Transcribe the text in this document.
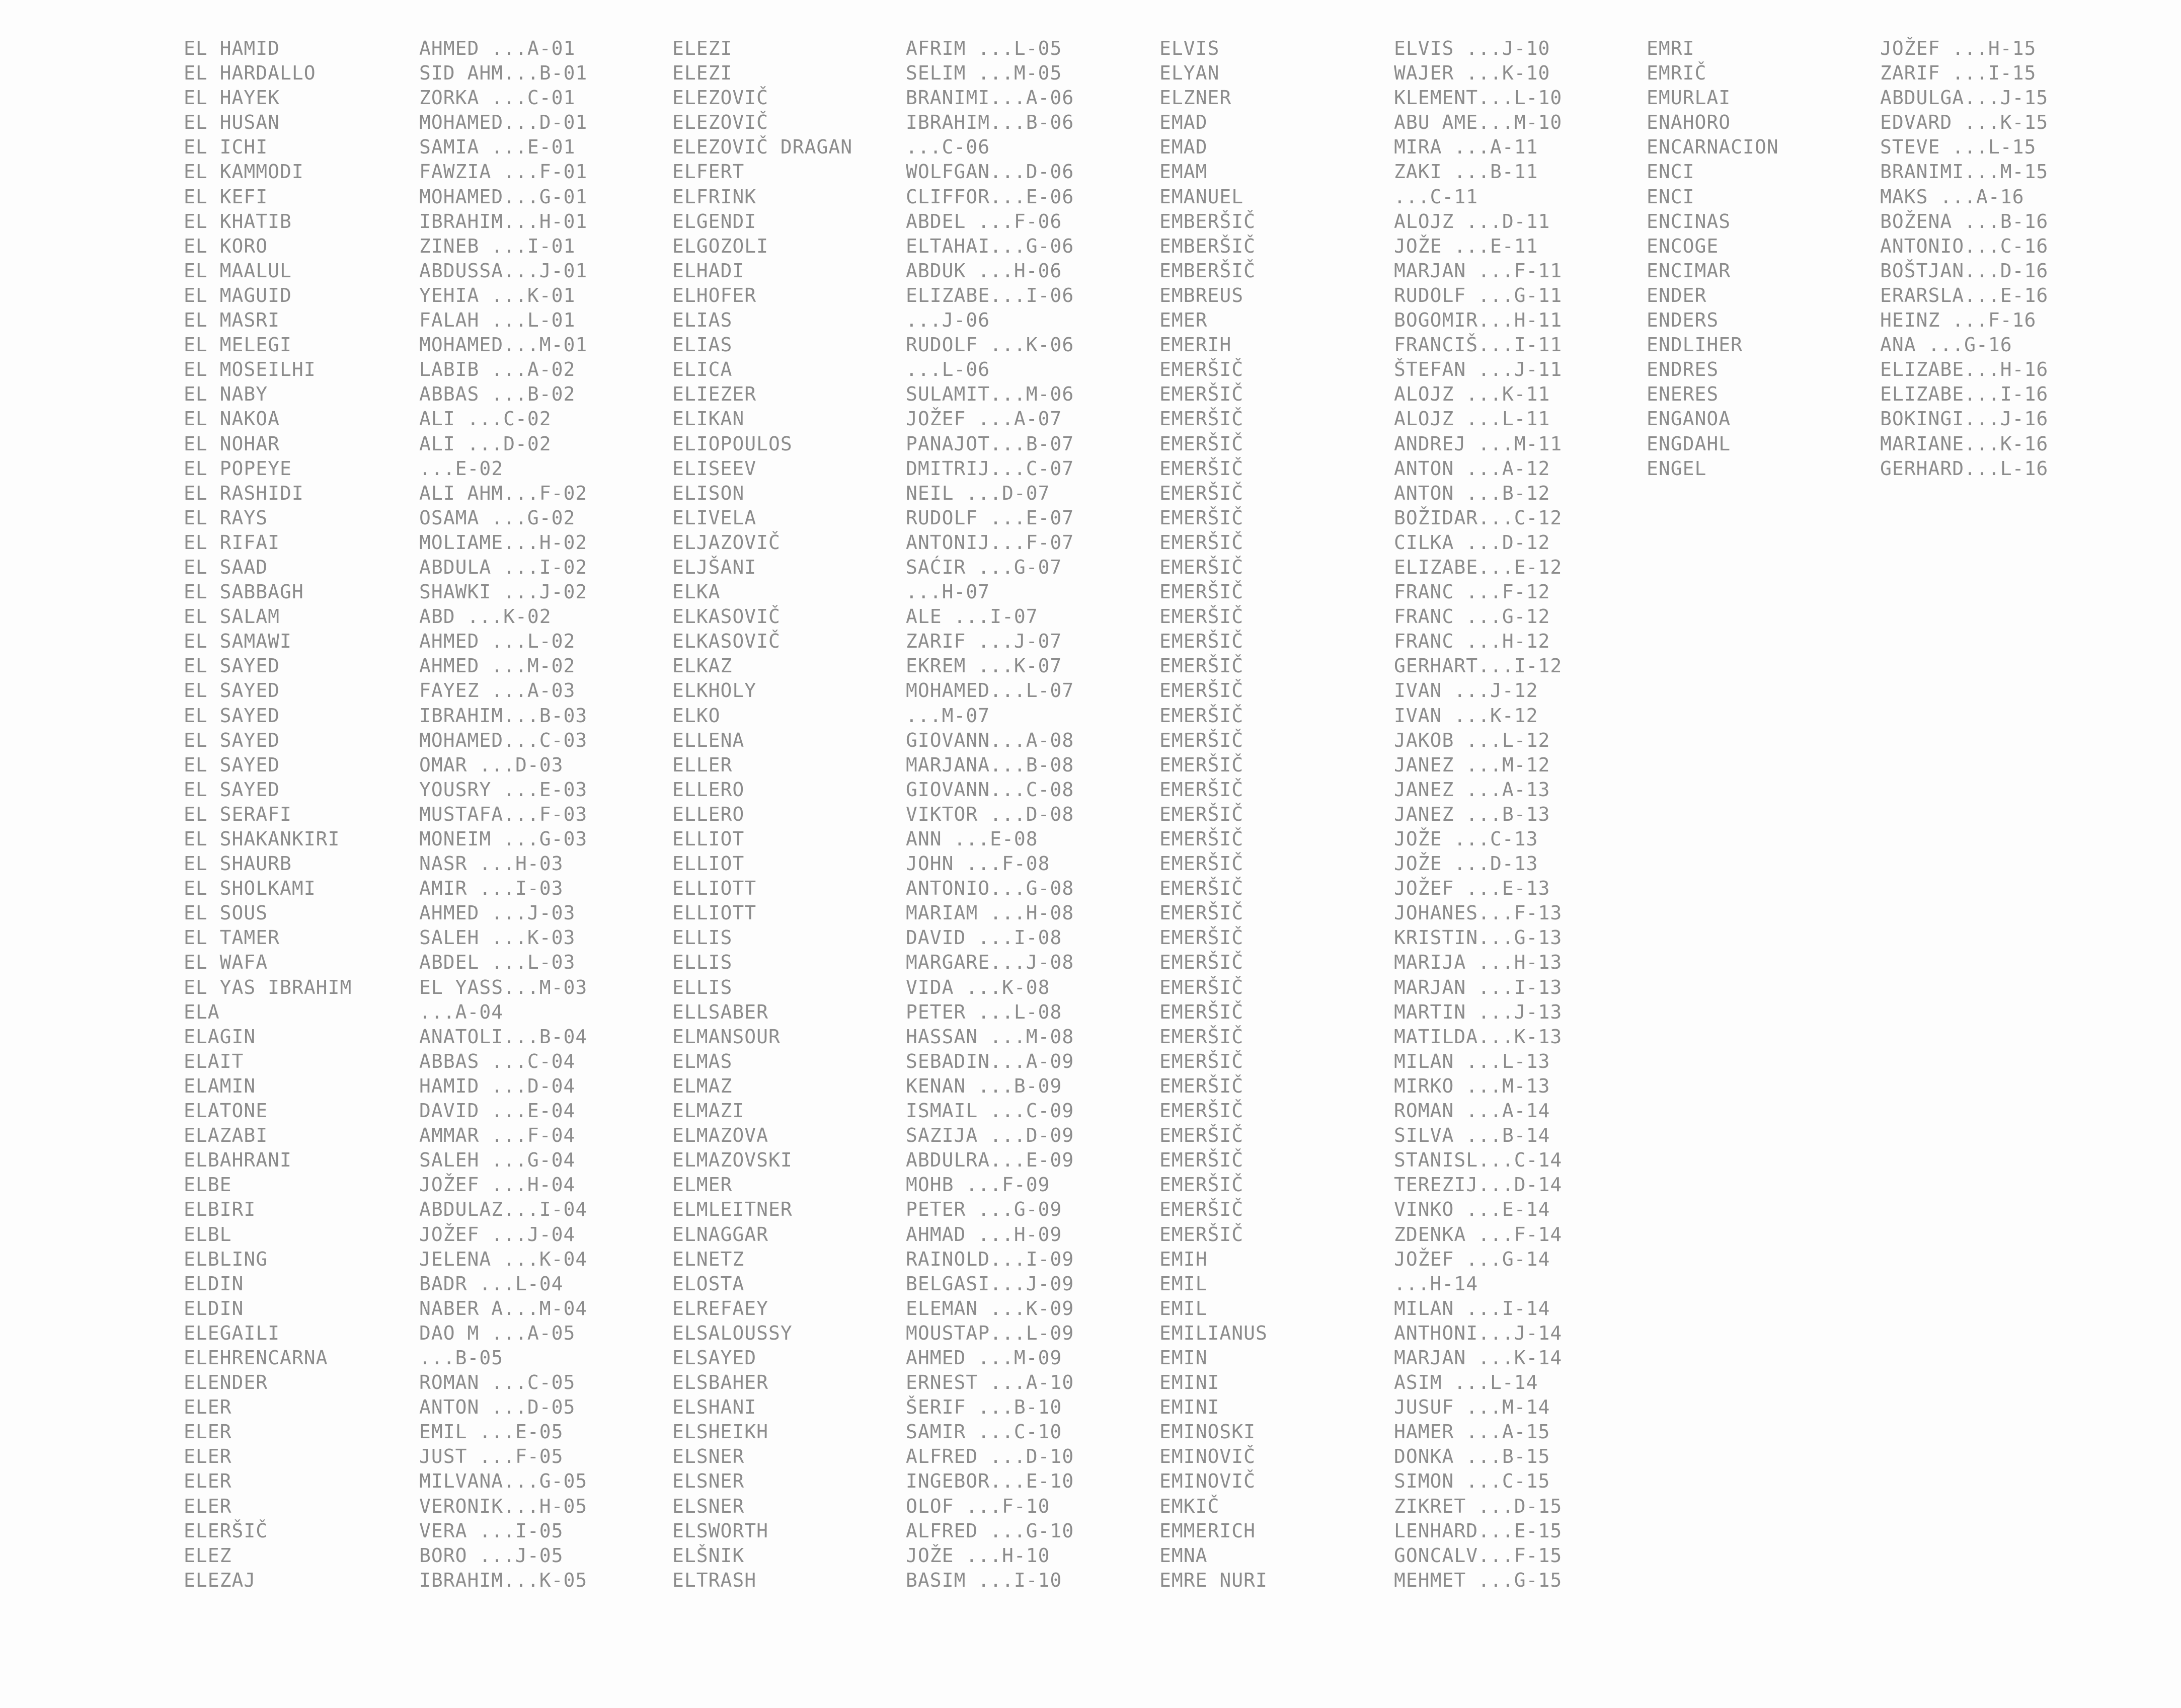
EL HAMID
EL HARDALLO
EL HAYEK
EL HUSAN
EL ICHI
EL KAMMODI
EL KEFI
EL KHATIB
EL KORO
EL MAALUL
EL MAGUID
EL MASRI
EL MELEGI
EL MOSEILHI
EL NABY
EL NAKOA
EL NOHAR
EL POPEYE
EL RASHIDI
EL RAYS
EL RIFAI
EL SAAD
EL SABBAGH
EL SALAM
EL SAMAWI
EL SAYED
EL SAYED
EL SAYED
EL SAYED
EL SAYED
EL SAYED
EL SERAFI
EL SHAKANKIRI
EL SHAURB
EL SHOLKAMI
EL SOUS
EL TAMER
EL WAFA
EL YAS IBRAHIM
ELA
ELAGIN
ELAIT
ELAMIN
ELATONE
ELAZABI
ELBAHRANI
ELBE
ELBIRI
ELBL
ELBLING
ELDIN
ELDIN
ELEGAILI
ELEHRENCARNA
ELENDER
ELER
ELER
ELER
ELER
ELER
ELERŠIČ
ELEZ
ELEZAJ
AHMED ...A-01
SID AHM...B-01
ZORKA ...C-01
MOHAMED...D-01
SAMIA ...E-01
FAWZIA ...F-01
MOHAMED...G-01
IBRAHIM...H-01
ZINEB ...I-01
ABDUSSA...J-01
YEHIA ...K-01
FALAH ...L-01
MOHAMED...M-01
LABIB ...A-02
ABBAS ...B-02
ALI ...C-02
ALI ...D-02
...E-02
ALI AHM...F-02
OSAMA ...G-02
MOLIAME...H-02
ABDULA ...I-02
SHAWKI ...J-02
ABD ...K-02
AHMED ...L-02
AHMED ...M-02
FAYEZ ...A-03
IBRAHIM...B-03
MOHAMED...C-03
OMAR ...D-03
YOUSRY ...E-03
MUSTAFA...F-03
MONEIM ...G-03
NASR ...H-03
AMIR ...I-03
AHMED ...J-03
SALEH ...K-03
ABDEL ...L-03
EL YASS...M-03
...A-04
ANATOLI...B-04
ABBAS ...C-04
HAMID ...D-04
DAVID ...E-04
AMMAR ...F-04
SALEH ...G-04
JOŽEF ...H-04
ABDULAZ...I-04
JOŽEF ...J-04
JELENA ...K-04
BADR ...L-04
NABER A...M-04
DAO M ...A-05
...B-05
ROMAN ...C-05
ANTON ...D-05
EMIL ...E-05
JUST ...F-05
MILVANA...G-05
VERONIK...H-05
VERA ...I-05
BORO ...J-05
IBRAHIM...K-05
ELEZI
ELEZI
ELEZOVIČ
ELEZOVIČ
ELEZOVIČ DRAGAN
ELFERT
ELFRINK
ELGENDI
ELGOZOLI
ELHADI
ELHOFER
ELIAS
ELIAS
ELICA
ELIEZER
ELIKAN
ELIOPOULOS
ELISEEV
ELISON
ELIVELA
ELJAZOVIČ
ELJŠANI
ELKA
ELKASOVIČ
ELKASOVIČ
ELKAZ
ELKHOLY
ELKO
ELLENA
ELLER
ELLERO
ELLERO
ELLIOT
ELLIOT
ELLIOTT
ELLIOTT
ELLIS
ELLIS
ELLIS
ELLSABER
ELMANSOUR
ELMAS
ELMAZ
ELMAZI
ELMAZOVA
ELMAZOVSKI
ELMER
ELMLEITNER
ELNAGGAR
ELNETZ
ELOSTA
ELREFAEY
ELSALOUSSY
ELSAYED
ELSBAHER
ELSHANI
ELSHEIKH
ELSNER
ELSNER
ELSNER
ELSWORTH
ELŠNIK
ELTRASH
AFRIM ...L-05
SELIM ...M-05
BRANIMI...A-06
IBRAHIM...B-06
...C-06
WOLFGAN...D-06
CLIFFOR...E-06
ABDEL ...F-06
ELTAHAI...G-06
ABDUK ...H-06
ELIZABE...I-06
...J-06
RUDOLF ...K-06
...L-06
SULAMIT...M-06
JOŽEF ...A-07
PANAJOT...B-07
DMITRIJ...C-07
NEIL ...D-07
RUDOLF ...E-07
ANTONIJ...F-07
SAĆIR ...G-07
...H-07
ALE ...I-07
ZARIF ...J-07
EKREM ...K-07
MOHAMED...L-07
...M-07
GIOVANN...A-08
MARJANA...B-08
GIOVANN...C-08
VIKTOR ...D-08
ANN ...E-08
JOHN ...F-08
ANTONIO...G-08
MARIAM ...H-08
DAVID ...I-08
MARGARE...J-08
VIDA ...K-08
PETER ...L-08
HASSAN ...M-08
SEBADIN...A-09
KENAN ...B-09
ISMAIL ...C-09
SAZIJA ...D-09
ABDULRA...E-09
MOHB ...F-09
PETER ...G-09
AHMAD ...H-09
RAINOLD...I-09
BELGASI...J-09
ELEMAN ...K-09
MOUSTAP...L-09
AHMED ...M-09
ERNEST ...A-10
ŠERIF ...B-10
SAMIR ...C-10
ALFRED ...D-10
INGEBOR...E-10
OLOF ...F-10
ALFRED ...G-10
JOŽE ...H-10
BASIM ...I-10
ELVIS
ELYAN
ELZNER
EMAD
EMAD
EMAM
EMANUEL
EMBERŠIČ
EMBERŠIČ
EMBERŠIČ
EMBREUS
EMER
EMERIH
EMERŠIČ
EMERŠIČ
EMERŠIČ
EMERŠIČ
EMERŠIČ
EMERŠIČ
EMERŠIČ
EMERŠIČ
EMERŠIČ
EMERŠIČ
EMERŠIČ
EMERŠIČ
EMERŠIČ
EMERŠIČ
EMERŠIČ
EMERŠIČ
EMERŠIČ
EMERŠIČ
EMERŠIČ
EMERŠIČ
EMERŠIČ
EMERŠIČ
EMERŠIČ
EMERŠIČ
EMERŠIČ
EMERŠIČ
EMERŠIČ
EMERŠIČ
EMERŠIČ
EMERŠIČ
EMERŠIČ
EMERŠIČ
EMERŠIČ
EMERŠIČ
EMERŠIČ
EMERŠIČ
EMIH
EMIL
EMIL
EMILIANUS
EMIN
EMINI
EMINI
EMINOSKI
EMINOVIČ
EMINOVIČ
EMKIČ
EMMERICH
EMNA
EMRE NURI
ELVIS ...J-10
WAJER ...K-10
KLEMENT...L-10
ABU AME...M-10
MIRA ...A-11
ZAKI ...B-11
...C-11
ALOJZ ...D-11
JOŽE ...E-11
MARJAN ...F-11
RUDOLF ...G-11
BOGOMIR...H-11
FRANCIŠ...I-11
ŠTEFAN ...J-11
ALOJZ ...K-11
ALOJZ ...L-11
ANDREJ ...M-11
ANTON ...A-12
ANTON ...B-12
BOŽIDAR...C-12
CILKA ...D-12
ELIZABE...E-12
FRANC ...F-12
FRANC ...G-12
FRANC ...H-12
GERHART...I-12
IVAN ...J-12
IVAN ...K-12
JAKOB ...L-12
JANEZ ...M-12
JANEZ ...A-13
JANEZ ...B-13
JOŽE ...C-13
JOŽE ...D-13
JOŽEF ...E-13
JOHANES...F-13
KRISTIN...G-13
MARIJA ...H-13
MARJAN ...I-13
MARTIN ...J-13
MATILDA...K-13
MILAN ...L-13
MIRKO ...M-13
ROMAN ...A-14
SILVA ...B-14
STANISL...C-14
TEREZIJ...D-14
VINKO ...E-14
ZDENKA ...F-14
JOŽEF ...G-14
...H-14
MILAN ...I-14
ANTHONI...J-14
MARJAN ...K-14
ASIM ...L-14
JUSUF ...M-14
HAMER ...A-15
DONKA ...B-15
SIMON ...C-15
ZIKRET ...D-15
LENHARD...E-15
GONCALV...F-15
MEHMET ...G-15
EMRI
EMRIČ
EMURLAI
ENAHORO
ENCARNACION
ENCI
ENCI
ENCINAS
ENCOGE
ENCIMAR
ENDER
ENDERS
ENDLIHER
ENDRES
ENERES
ENGANOA
ENGDAHL
ENGEL
JOŽEF ...H-15
ZARIF ...I-15
ABDULGA...J-15
EDVARD ...K-15
STEVE ...L-15
BRANIMI...M-15
MAKS ...A-16
BOŽENA ...B-16
ANTONIO...C-16
BOŠTJAN...D-16
ERARSLA...E-16
HEINZ ...F-16
ANA ...G-16
ELIZABE...H-16
ELIZABE...I-16
BOKINGI...J-16
MARIANE...K-16
GERHARD...L-16
